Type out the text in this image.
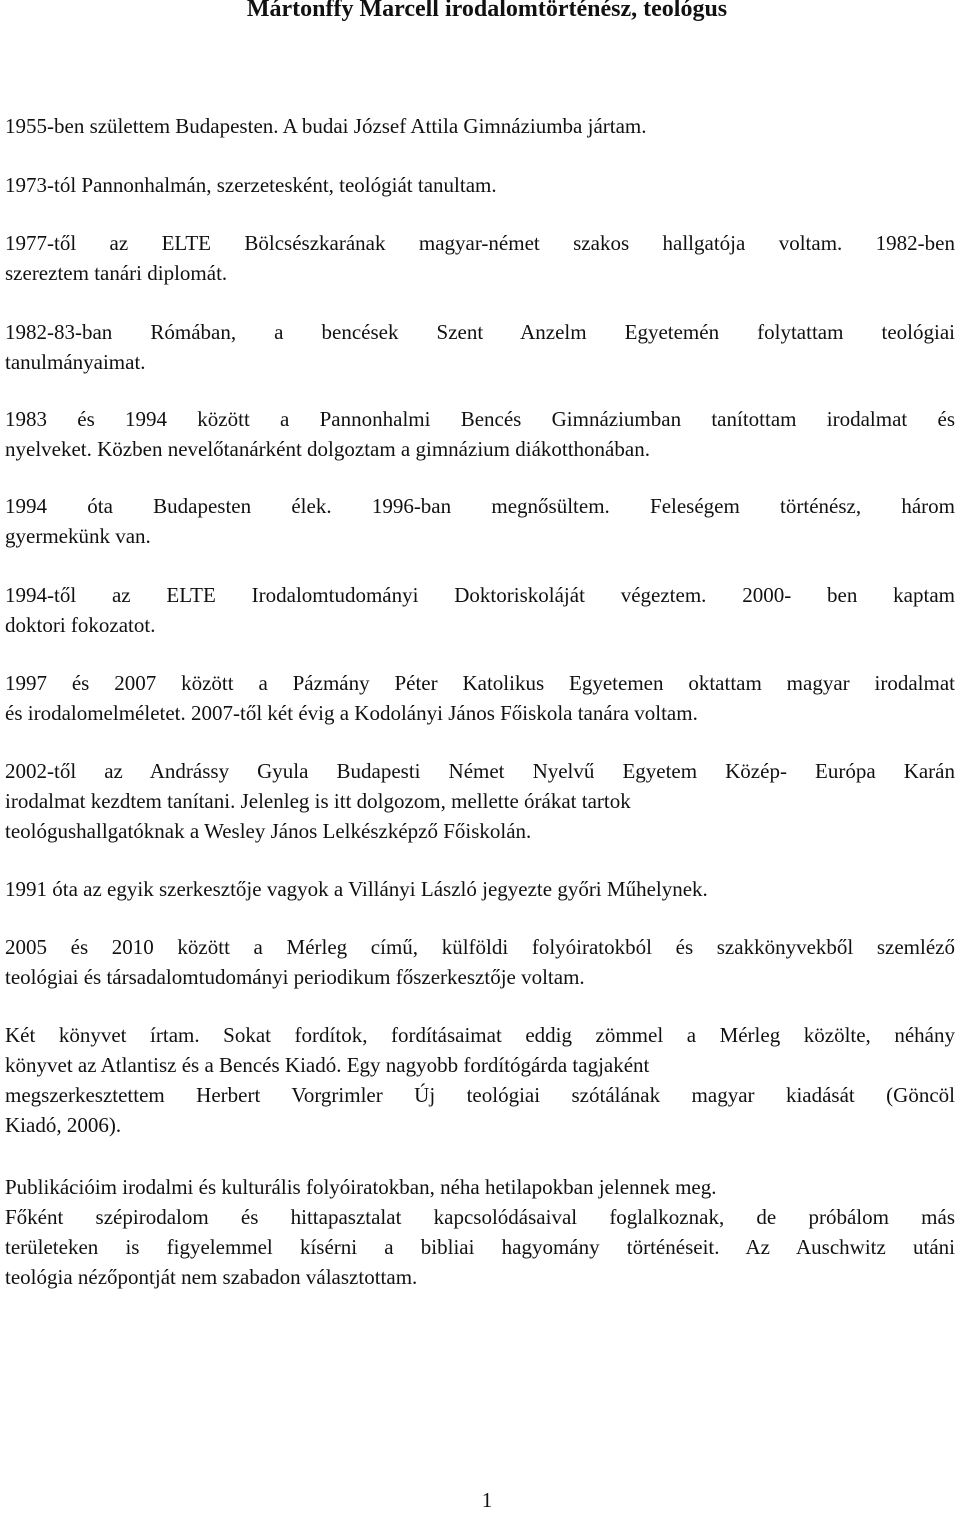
Mártonffy Marcell irodalomtörténész, teológus
1955-ben születtem Budapesten. A budai József Attila Gimnáziumba jártam.
1973-tól Pannonhalmán, szerzetesként, teológiát tanultam.
1977-től az ELTE Bölcsészkarának magyar-német szakos hallgatója voltam. 1982-ben
szereztem tanári diplomát.
1982-83-ban Rómában, a bencések Szent Anzelm Egyetemén folytattam teológiai
tanulmányaimat.
1983 és 1994 között a Pannonhalmi Bencés Gimnáziumban tanítottam irodalmat és
nyelveket. Közben nevelőtanárként dolgoztam a gimnázium diákotthonában.
1994 óta Budapesten élek. 1996-ban megnősültem. Feleségem történész, három
gyermekünk van.
1994-től az ELTE Irodalomtudományi Doktoriskoláját végeztem. 2000- ben kaptam
doktori fokozatot.
1997 és 2007 között a Pázmány Péter Katolikus Egyetemen oktattam magyar irodalmat
és irodalomelméletet. 2007-től két évig a Kodolányi János Főiskola tanára voltam.
2002-től az Andrássy Gyula Budapesti Német Nyelvű Egyetem Közép- Európa Karán
irodalmat kezdtem tanítani. Jelenleg is itt dolgozom, mellette órákat tartok
teológushallgatóknak a Wesley János Lelkészképző Főiskolán.
1991 óta az egyik szerkesztője vagyok a Villányi László jegyezte győri Műhelynek.
2005 és 2010 között a Mérleg című, külföldi folyóiratokból és szakkönyvekből szemléző
teológiai és társadalomtudományi periodikum főszerkesztője voltam.
Két könyvet írtam. Sokat fordítok, fordításaimat eddig zömmel a Mérleg közölte, néhány
könyvet az Atlantisz és a Bencés Kiadó. Egy nagyobb fordítógárda tagjaként
megszerkesztettem Herbert Vorgrimler Új teológiai szótálának magyar kiadását (Göncöl
Kiadó, 2006).
Publikációim irodalmi és kulturális folyóiratokban, néha hetilapokban jelennek meg.
Főként szépirodalom és hittapasztalat kapcsolódásaival foglalkoznak, de próbálom más
területeken is figyelemmel kísérni a bibliai hagyomány történéseit. Az Auschwitz utáni
teológia nézőpontját nem szabadon választottam.
1
